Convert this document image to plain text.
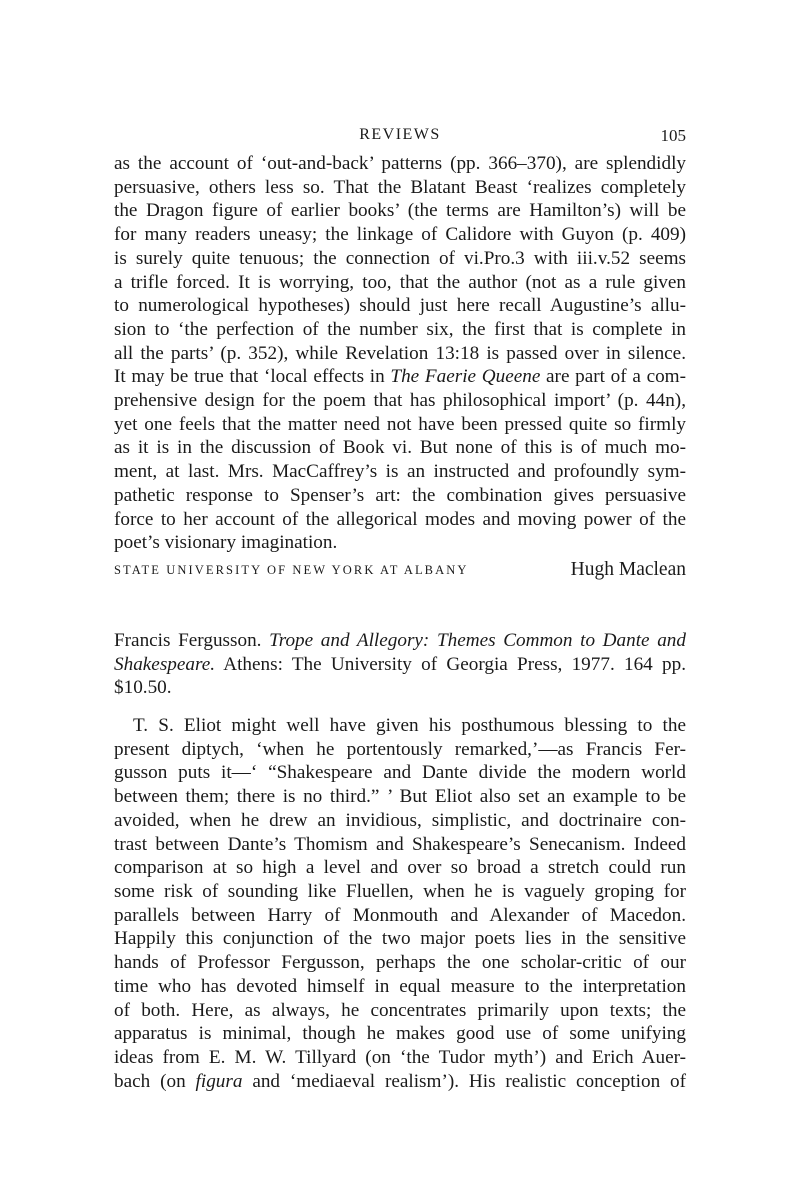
REVIEWS	105
as the account of ‘out-and-back’ patterns (pp. 366–370), are splendidly
persuasive, others less so. That the Blatant Beast ‘realizes completely
the Dragon figure of earlier books’ (the terms are Hamilton’s) will be
for many readers uneasy; the linkage of Calidore with Guyon (p. 409)
is surely quite tenuous; the connection of vi.Pro.3 with iii.v.52 seems
a trifle forced. It is worrying, too, that the author (not as a rule given
to numerological hypotheses) should just here recall Augustine’s allu-
sion to ‘the perfection of the number six, the first that is complete in
all the parts’ (p. 352), while Revelation 13:18 is passed over in silence.
It may be true that ‘local effects in The Faerie Queene are part of a com-
prehensive design for the poem that has philosophical import’ (p. 44n),
yet one feels that the matter need not have been pressed quite so firmly
as it is in the discussion of Book vi. But none of this is of much mo-
ment, at last. Mrs. MacCaffrey’s is an instructed and profoundly sym-
pathetic response to Spenser’s art: the combination gives persuasive
force to her account of the allegorical modes and moving power of the
poet’s visionary imagination.
STATE UNIVERSITY OF NEW YORK AT ALBANY	Hugh Maclean
Francis Fergusson. Trope and Allegory: Themes Common to Dante and
Shakespeare. Athens: The University of Georgia Press, 1977. 164 pp.
$10.50.
T. S. Eliot might well have given his posthumous blessing to the
present diptych, ‘when he portentously remarked,’—as Francis Fer-
gusson puts it—‘ “Shakespeare and Dante divide the modern world
between them; there is no third.” ’ But Eliot also set an example to be
avoided, when he drew an invidious, simplistic, and doctrinaire con-
trast between Dante’s Thomism and Shakespeare’s Senecanism. Indeed
comparison at so high a level and over so broad a stretch could run
some risk of sounding like Fluellen, when he is vaguely groping for
parallels between Harry of Monmouth and Alexander of Macedon.
Happily this conjunction of the two major poets lies in the sensitive
hands of Professor Fergusson, perhaps the one scholar-critic of our
time who has devoted himself in equal measure to the interpretation
of both. Here, as always, he concentrates primarily upon texts; the
apparatus is minimal, though he makes good use of some unifying
ideas from E. M. W. Tillyard (on ‘the Tudor myth’) and Erich Auer-
bach (on figura and ‘mediaeval realism’). His realistic conception of
